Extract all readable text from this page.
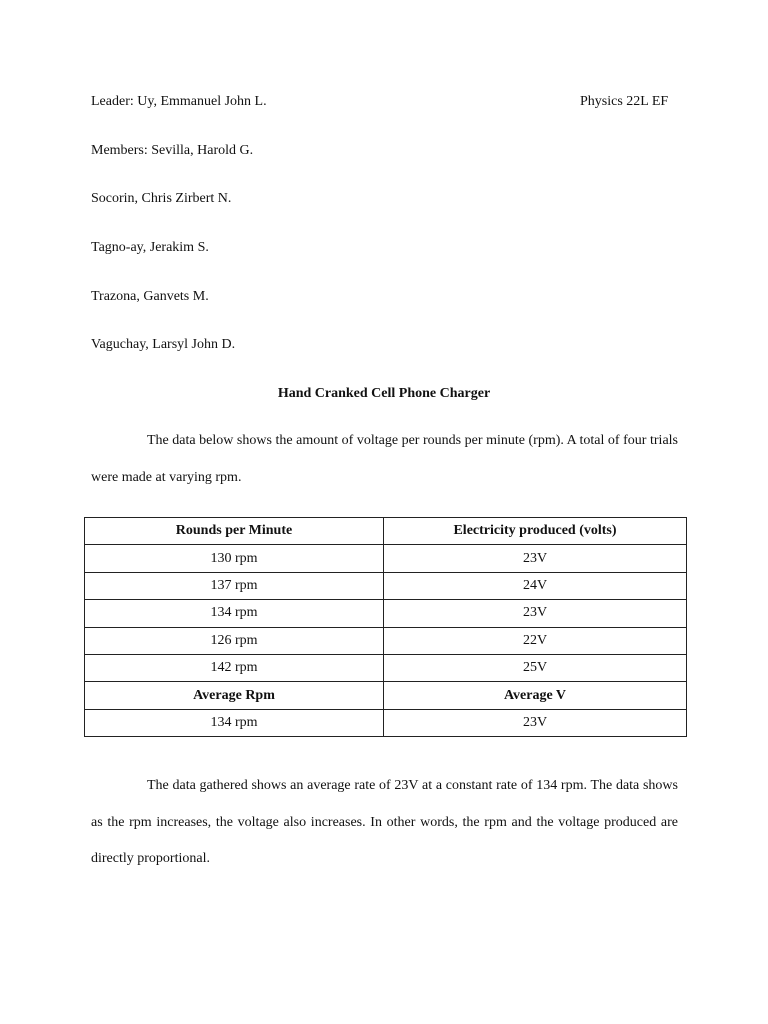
Leader: Uy, Emmanuel John L.	Physics 22L EF
Members: Sevilla, Harold G.
Socorin, Chris Zirbert N.
Tagno-ay, Jerakim S.
Trazona, Ganvets M.
Vaguchay, Larsyl John D.
Hand Cranked Cell Phone Charger
The data below shows the amount of voltage per rounds per minute (rpm). A total of four trials were made at varying rpm.
Rounds per Minute	Electricity produced (volts)
130 rpm	23V
137 rpm	24V
134 rpm	23V
126 rpm	22V
142 rpm	25V
Average Rpm	Average V
134 rpm	23V
The data gathered shows an average rate of 23V at a constant rate of 134 rpm. The data shows as the rpm increases, the voltage also increases. In other words, the rpm and the voltage produced are directly proportional.
